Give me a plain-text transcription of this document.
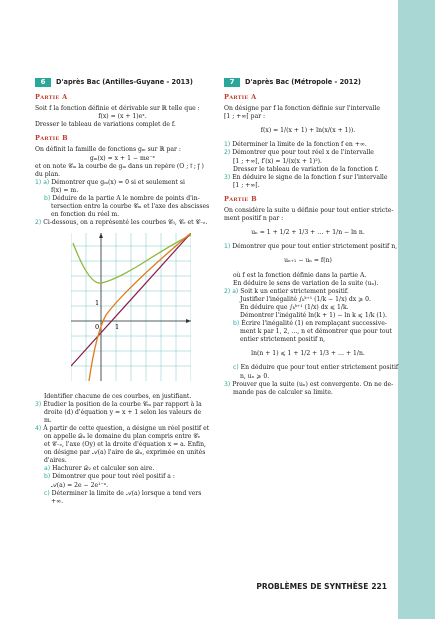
6	D'après Bac (Antilles-Guyane - 2013)
Partie A
Soit f la fonction définie et dérivable sur ℝ telle que :
f(x) = (x + 1)eˣ.
Dresser le tableau de variations complet de f.
Partie B
On définit la famille de fonctions gₘ sur ℝ par :
gₘ(x) = x + 1 − me⁻ˣ
et on note 𝒞ₘ la courbe de gₘ dans un repère (O ; i⃗ ; j⃗ )
du plan.
1) a) Démontrer que gₘ(x) = 0 si et seulement si
f(x) = m.
b) Déduire de la partie A le nombre de points d'in-
tersection entre la courbe 𝒞ₘ et l'axe des abscisses
en fonction du réel m.
2) Ci-dessous, on a représenté les courbes 𝒞₀, 𝒞ₑ et 𝒞₋ₑ.
1
0 1
Identifier chacune de ces courbes, en justifiant.
3) Étudier la position de la courbe 𝒞ₘ par rapport à la
droite (d) d'équation y = x + 1 selon les valeurs de
m.
4) À partir de cette question, a désigne un réel positif et
on appelle 𝒟ₐ le domaine du plan compris entre 𝒞ₑ
et 𝒞₋ₑ, l'axe (Oy) et la droite d'équation x = a. Enfin,
on désigne par 𝒜(a) l'aire de 𝒟ₐ, exprimée en unités
d'aires.
a) Hachurer 𝒟₂ et calculer son aire.
b) Démontrer que pour tout réel positif a :
𝒜(a) = 2e − 2e¹⁻ᵃ.
c) Déterminer la limite de 𝒜(a) lorsque a tend vers
+∞.
7	D'après Bac (Métropole - 2012)
Partie A
On désigne par f la fonction définie sur l'intervalle
[1 ; +∞[ par :
f(x) = 1/(x + 1) + ln(x/(x + 1)).
1) Déterminer la limite de la fonction f en +∞.
2) Démontrer que pour tout réel x de l'intervalle
[1 ; +∞[, f′(x) = 1/(x(x + 1)²).
Dresser le tableau de variation de la fonction f.
3) En déduire le signe de la fonction f sur l'intervalle
[1 ; +∞[.
Partie B
On considère la suite u définie pour tout entier stricte-
ment positif n par :
uₙ = 1 + 1/2 + 1/3 + … + 1/n − ln n.
1) Démontrer que pour tout entier strictement positif n,
uₙ₊₁ − uₙ = f(n)
où f est la fonction définie dans la partie A.
En déduire le sens de variation de la suite (uₙ).
2) a) Soit k un entier strictement positif.
Justifier l'inégalité ∫ₖᵏ⁺¹ (1/k − 1/x) dx ⩾ 0.
En déduire que ∫ₖᵏ⁺¹ (1/x) dx ⩽ 1/k.
Démontrer l'inégalité ln(k + 1) − ln k ⩽ 1/k (1).
b) Écrire l'inégalité (1) en remplaçant successive-
ment k par 1, 2, …, n et démontrer que pour tout
entier strictement positif n,
ln(n + 1) ⩽ 1 + 1/2 + 1/3 + … + 1/n.
c) En déduire que pour tout entier strictement positif
n, uₙ ⩾ 0.
3) Prouver que la suite (uₙ) est convergente. On ne de-
mande pas de calculer sa limite.
PROBLÈMES DE SYNTHÈSE 221
